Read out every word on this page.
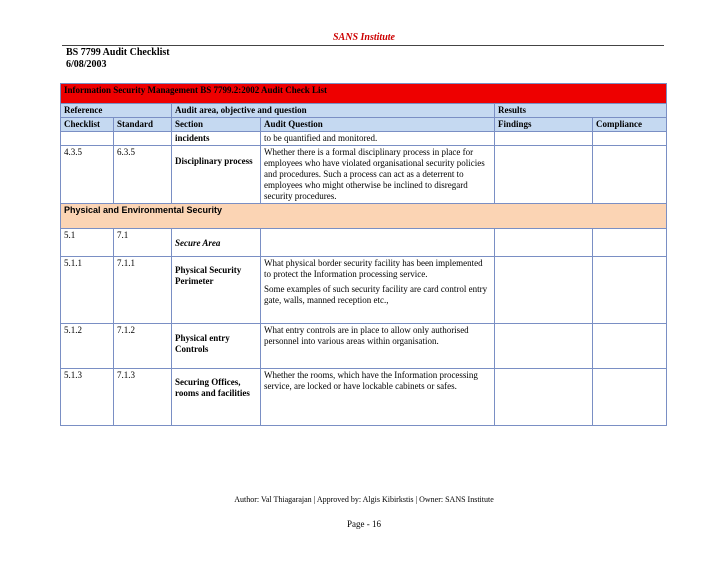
SANS Institute
BS 7799 Audit Checklist
6/08/2003
Information Security Management BS 7799.2:2002 Audit Check List					
Reference		Audit area, objective and question		Results	
Checklist	Standard	Section	Audit Question	Findings	Compliance
		incidents	to be quantified and monitored.		
4.3.5	6.3.5	Disciplinary process	Whether there is a formal disciplinary process in place for employees who have violated organisational security policies and procedures. Such a process can act as a deterrent to employees who might otherwise be inclined to disregard security procedures.		
Physical and Environmental Security					
5.1	7.1	Secure Area			
5.1.1	7.1.1	Physical Security Perimeter	What physical border security facility has been implemented to protect the Information processing service.

Some examples of such security facility are card control entry gate, walls, manned reception etc.,		

5.1.2	7.1.2	Physical entry Controls	What entry controls are in place to allow only authorised personnel into various areas within organisation.		
5.1.3	7.1.3	Securing Offices, rooms and facilities	Whether the rooms, which have the Information processing service, are locked or have lockable cabinets or safes.		
Author: Val Thiagarajan | Approved by: Algis Kibirkstis | Owner: SANS Institute
Page - 16
